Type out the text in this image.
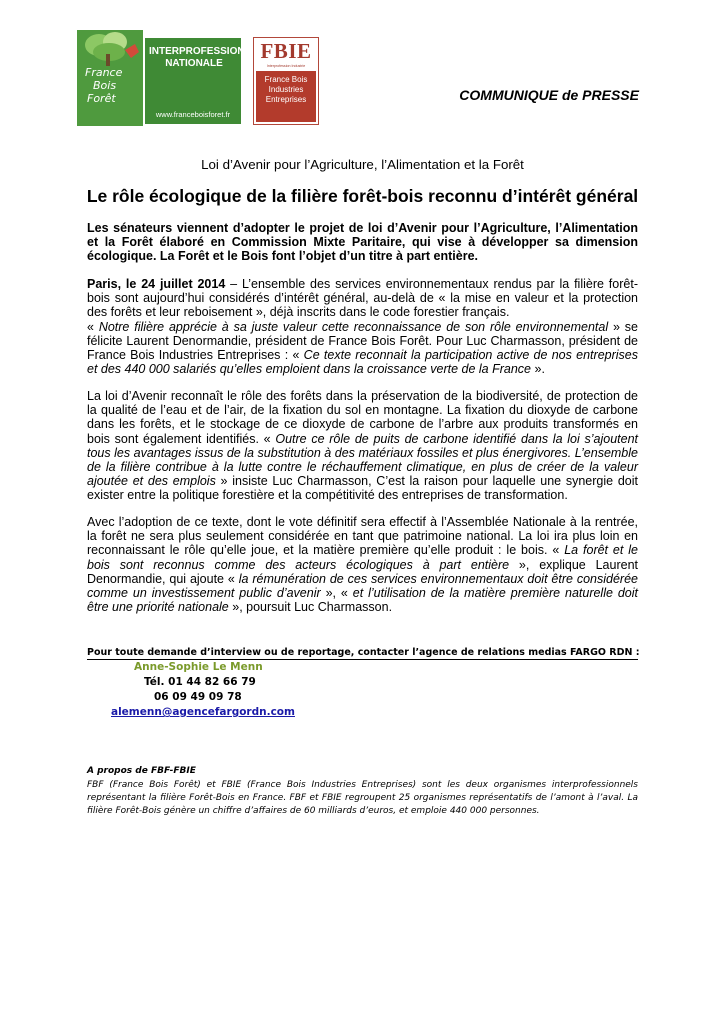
France
Bois
Forêt
INTERPROFESSION
NATIONALE
www.franceboisforet.fr
FBIE
Interprofession Industrie
France Bois
Industries
Entreprises	COMMUNIQUE de PRESSE
Loi d’Avenir pour l’Agriculture, l’Alimentation et la Forêt
Le rôle écologique de la filière forêt-bois reconnu d’intérêt général
Les sénateurs viennent d’adopter le projet de loi d’Avenir pour l’Agriculture, l’Alimentation et la Forêt élaboré en Commission Mixte Paritaire, qui vise à développer sa dimension écologique. La Forêt et le Bois font l’objet d’un titre à part entière.
Paris, le 24 juillet 2014 – L’ensemble des services environnementaux rendus par la filière forêt-bois sont aujourd’hui considérés d’intérêt général, au-delà de « la mise en valeur et la protection des forêts et leur reboisement », déjà inscrits dans le code forestier français.
« Notre filière apprécie à sa juste valeur cette reconnaissance de son rôle environnemental » se félicite Laurent Denormandie, président de France Bois Forêt. Pour Luc Charmasson, président de France Bois Industries Entreprises : « Ce texte reconnait la participation active de nos entreprises et des 440 000 salariés qu’elles emploient dans la croissance verte de la France ».
La loi d’Avenir reconnaît le rôle des forêts dans la préservation de la biodiversité, de protection de la qualité de l’eau et de l’air, de la fixation du sol en montagne. La fixation du dioxyde de carbone dans les forêts, et le stockage de ce dioxyde de carbone de l’arbre aux produits transformés en bois sont également identifiés. « Outre ce rôle de puits de carbone identifié dans la loi s’ajoutent tous les avantages issus de la substitution à des matériaux fossiles et plus énergivores. L’ensemble de la filière contribue à la lutte contre le réchauffement climatique, en plus de créer de la valeur ajoutée et des emplois » insiste Luc Charmasson, C’est la raison pour laquelle une synergie doit exister entre la politique forestière et la compétitivité des entreprises de transformation.
Avec l’adoption de ce texte, dont le vote définitif sera effectif à l’Assemblée Nationale à la rentrée, la forêt ne sera plus seulement considérée en tant que patrimoine national. La loi ira plus loin en reconnaissant le rôle qu’elle joue, et la matière première qu’elle produit : le bois. « La forêt et le bois sont reconnus comme des acteurs écologiques à part entière », explique Laurent Denormandie, qui ajoute « la rémunération de ces services environnementaux doit être considérée comme un investissement public d’avenir », « et l’utilisation de la matière première naturelle doit être une priorité nationale », poursuit Luc Charmasson.
Pour toute demande d’interview ou de reportage, contacter l’agence de relations medias FARGO RDN :
Anne-Sophie Le Menn
Tél. 01 44 82 66 79
06 09 49 09 78
alemenn@agencefargordn.com
A propos de FBF-FBIE
FBF (France Bois Forêt) et FBIE (France Bois Industries Entreprises) sont les deux organismes interprofessionnels représentant la filière Forêt-Bois en France. FBF et FBIE regroupent 25 organismes représentatifs de l’amont à l’aval. La filière Forêt-Bois génère un chiffre d’affaires de 60 milliards d’euros, et emploie 440 000 personnes.
